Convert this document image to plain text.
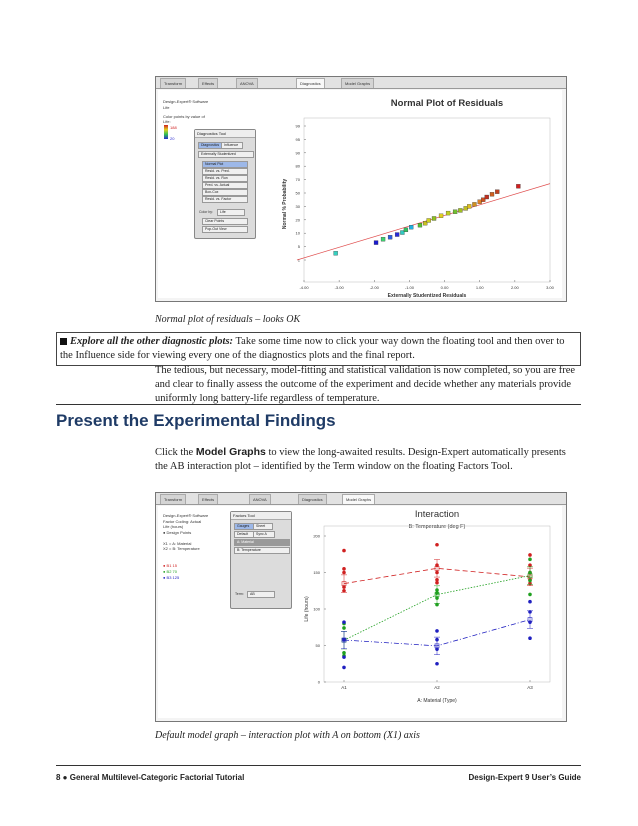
Transform	Effects	ANOVA	Diagnostics	Model Graphs
Design-Expert® Software
Life
Color points by value of
Life:
188
20
Diagnostics Tool
Diagnostics	Influence
Externally Studentized
Normal Plot
Resid. vs. Pred.
Resid. vs. Run
Pred. vs. Actual
Box-Cox
Resid. vs. Factor
Color by:	Life
Clear Points
Pop-Out View
Normal Plot of Residuals
1
5
10
20
30
50
70
80
90
95
99
-4.00	-3.00	-2.00	-1.00	0.00	1.00	2.00	3.00
Externally Studentized Residuals
Normal % Probability
Normal plot of residuals – looks OK
Explore all the other diagnostic plots: Take some time now to click your way down the floating tool and then over to the Influence side for viewing every one of the diagnostics plots and the final report.
The tedious, but necessary, model-fitting and statistical validation is now completed, so you are free and clear to finally assess the outcome of the experiment and decide whether any materials provide uniformly long battery-life regardless of temperature.
Present the Experimental Findings
Click the Model Graphs to view the long-awaited results. Design-Expert automatically presents the AB interaction plot – identified by the Term window on the floating Factors Tool.
Transform	Effects	ANOVA	Diagnostics	Model Graphs
Design-Expert® Software
Factor Coding: Actual
Life (hours)
● Design Points

X1 = A: Material
X2 = B: Temperature
● B1 15
● B2 70
● B3 125
Factors Tool
Gauges	Sheet
Default	Sync A
A: Material
B: Temperature
Term:	AB
Interaction
B: Temperature (deg F)
0
50
100
150
200
A1	A2	A3
A: Material (Type)
Life (hours)
Default model graph – interaction plot with A on bottom (X1) axis
8 ● General Multilevel-Categoric Factorial Tutorial	Design-Expert 9 User’s Guide
